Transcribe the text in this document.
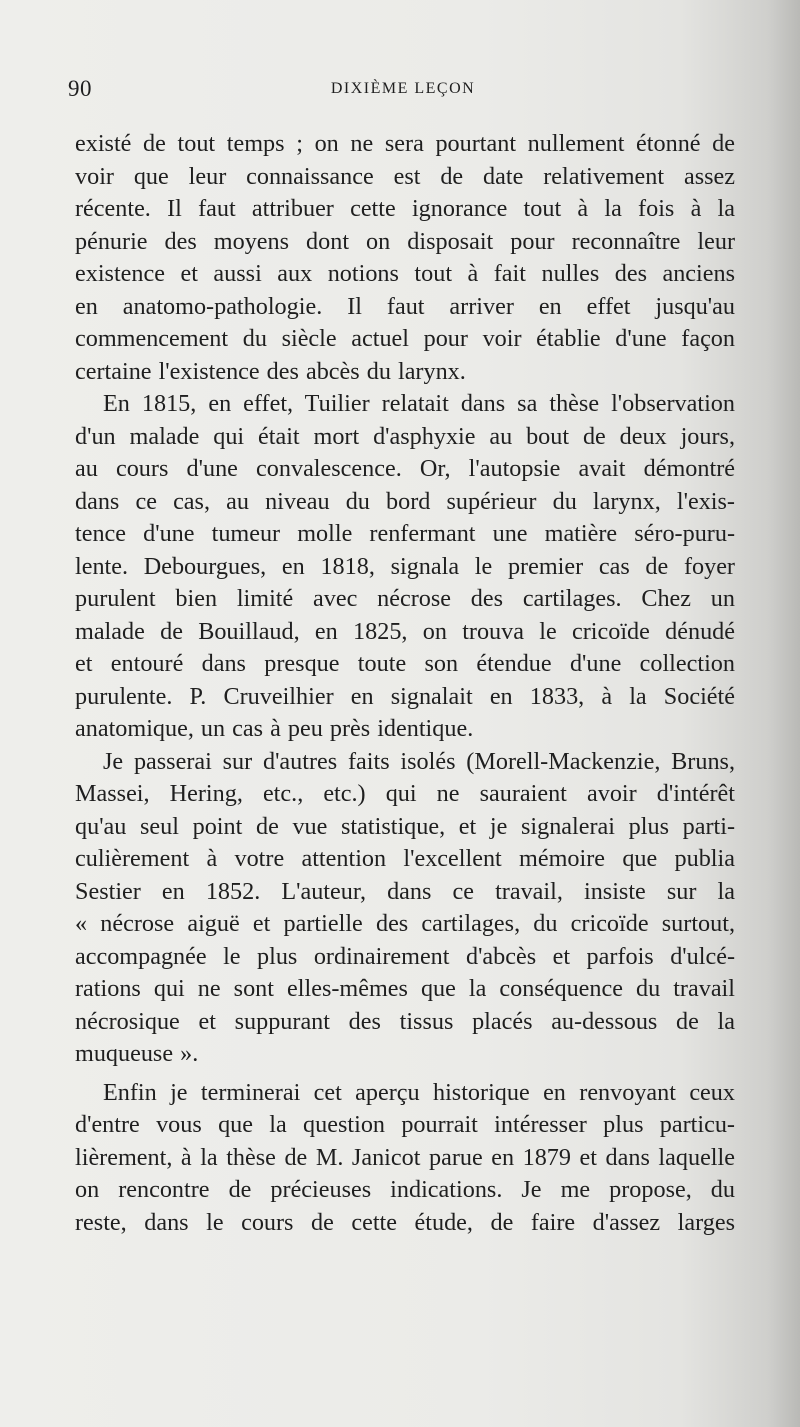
90	DIXIÈME LEÇON
existé de tout temps ; on ne sera pourtant nullement étonné de
voir que leur connaissance est de date relativement assez
récente. Il faut attribuer cette ignorance tout à la fois à la
pénurie des moyens dont on disposait pour reconnaître leur
existence et aussi aux notions tout à fait nulles des anciens
en anatomo-pathologie. Il faut arriver en effet jusqu'au
commencement du siècle actuel pour voir établie d'une façon
certaine l'existence des abcès du larynx.
En 1815, en effet, Tuilier relatait dans sa thèse l'observation
d'un malade qui était mort d'asphyxie au bout de deux jours,
au cours d'une convalescence. Or, l'autopsie avait démontré
dans ce cas, au niveau du bord supérieur du larynx, l'exis-
tence d'une tumeur molle renfermant une matière séro-puru-
lente. Debourgues, en 1818, signala le premier cas de foyer
purulent bien limité avec nécrose des cartilages. Chez un
malade de Bouillaud, en 1825, on trouva le cricoïde dénudé
et entouré dans presque toute son étendue d'une collection
purulente. P. Cruveilhier en signalait en 1833, à la Société
anatomique, un cas à peu près identique.
Je passerai sur d'autres faits isolés (Morell-Mackenzie, Bruns,
Massei, Hering, etc., etc.) qui ne sauraient avoir d'intérêt
qu'au seul point de vue statistique, et je signalerai plus parti-
culièrement à votre attention l'excellent mémoire que publia
Sestier en 1852. L'auteur, dans ce travail, insiste sur la
« nécrose aiguë et partielle des cartilages, du cricoïde surtout,
accompagnée le plus ordinairement d'abcès et parfois d'ulcé-
rations qui ne sont elles-mêmes que la conséquence du travail
nécrosique et suppurant des tissus placés au-dessous de la
muqueuse ».
Enfin je terminerai cet aperçu historique en renvoyant ceux
d'entre vous que la question pourrait intéresser plus particu-
lièrement, à la thèse de M. Janicot parue en 1879 et dans laquelle
on rencontre de précieuses indications. Je me propose, du
reste, dans le cours de cette étude, de faire d'assez larges
